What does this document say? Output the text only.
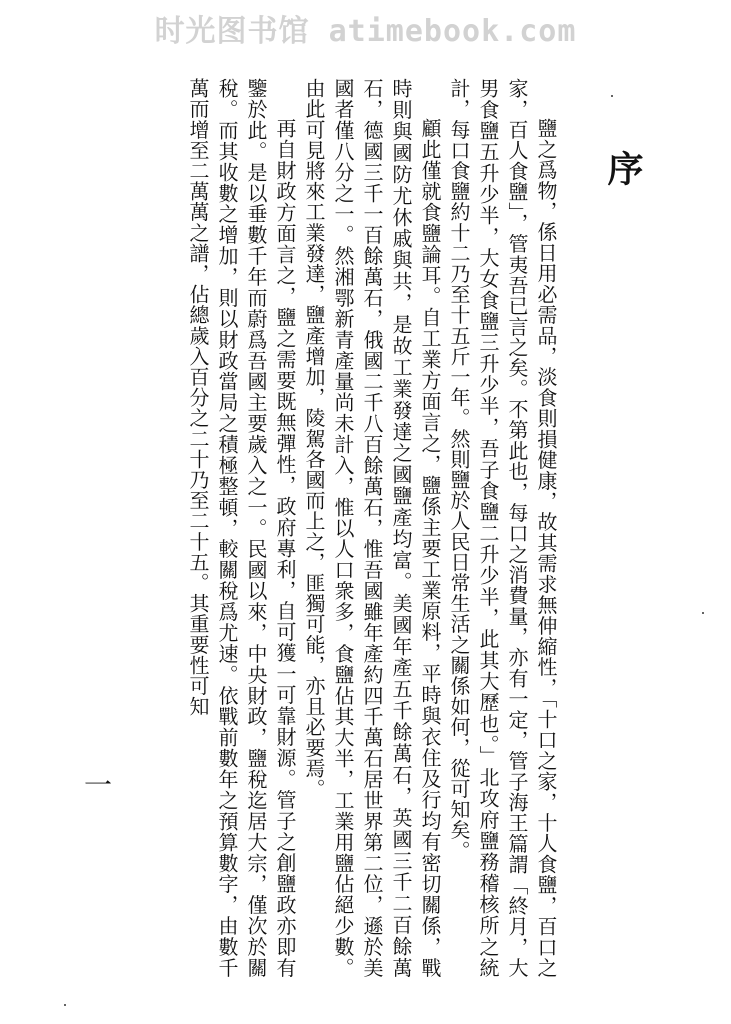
时光图书馆 atimebook.com
序

鹽之爲物，係日用必需品，淡食則損健康，故其需求無伸縮性，「十口之家，十人食鹽，百口之家，百人食鹽」，管夷吾已言之矣。不第此也，每口之消費量，亦有一定，管子海王篇謂「終月，大男食鹽五升少半，大女食鹽三升少半，吾子食鹽二升少半，此其大歷也。」北攻府鹽務稽核所之統計，每口食鹽約十二乃至十五斤一年。然則鹽於人民日常生活之關係如何，從可知矣。

顧此僅就食鹽論耳。自工業方面言之，鹽係主要工業原料，平時與衣住及行均有密切關係，戰時則與國防尤休戚與共，是故工業發達之國鹽產均富。美國年產五千餘萬石，英國三千二百餘萬石，德國三千一百餘萬石，俄國二千八百餘萬石，惟吾國雖年產約四千萬石居世界第二位，遜於美國者僅八分之一。然湘鄂新青產量尚未計入，惟以人口衆多，食鹽佔其大半，工業用鹽佔絕少數。由此可見將來工業發達，鹽產增加，陵駕各國而上之，匪獨可能，亦且必要焉。

再自財政方面言之，鹽之需要既無彈性，政府專利，自可獲一可靠財源。管子之創鹽政亦即有鑒於此。是以垂數千年而蔚爲吾國主要歲入之一。民國以來，中央財政，鹽稅迄居大宗，僅次於關稅。而其收數之增加，則以財政當局之積極整頓，較關稅爲尤速。依戰前數年之預算數字，由數千萬而增至二萬萬之譜，佔總歲入百分之二十乃至二十五。其重要性可知

一
